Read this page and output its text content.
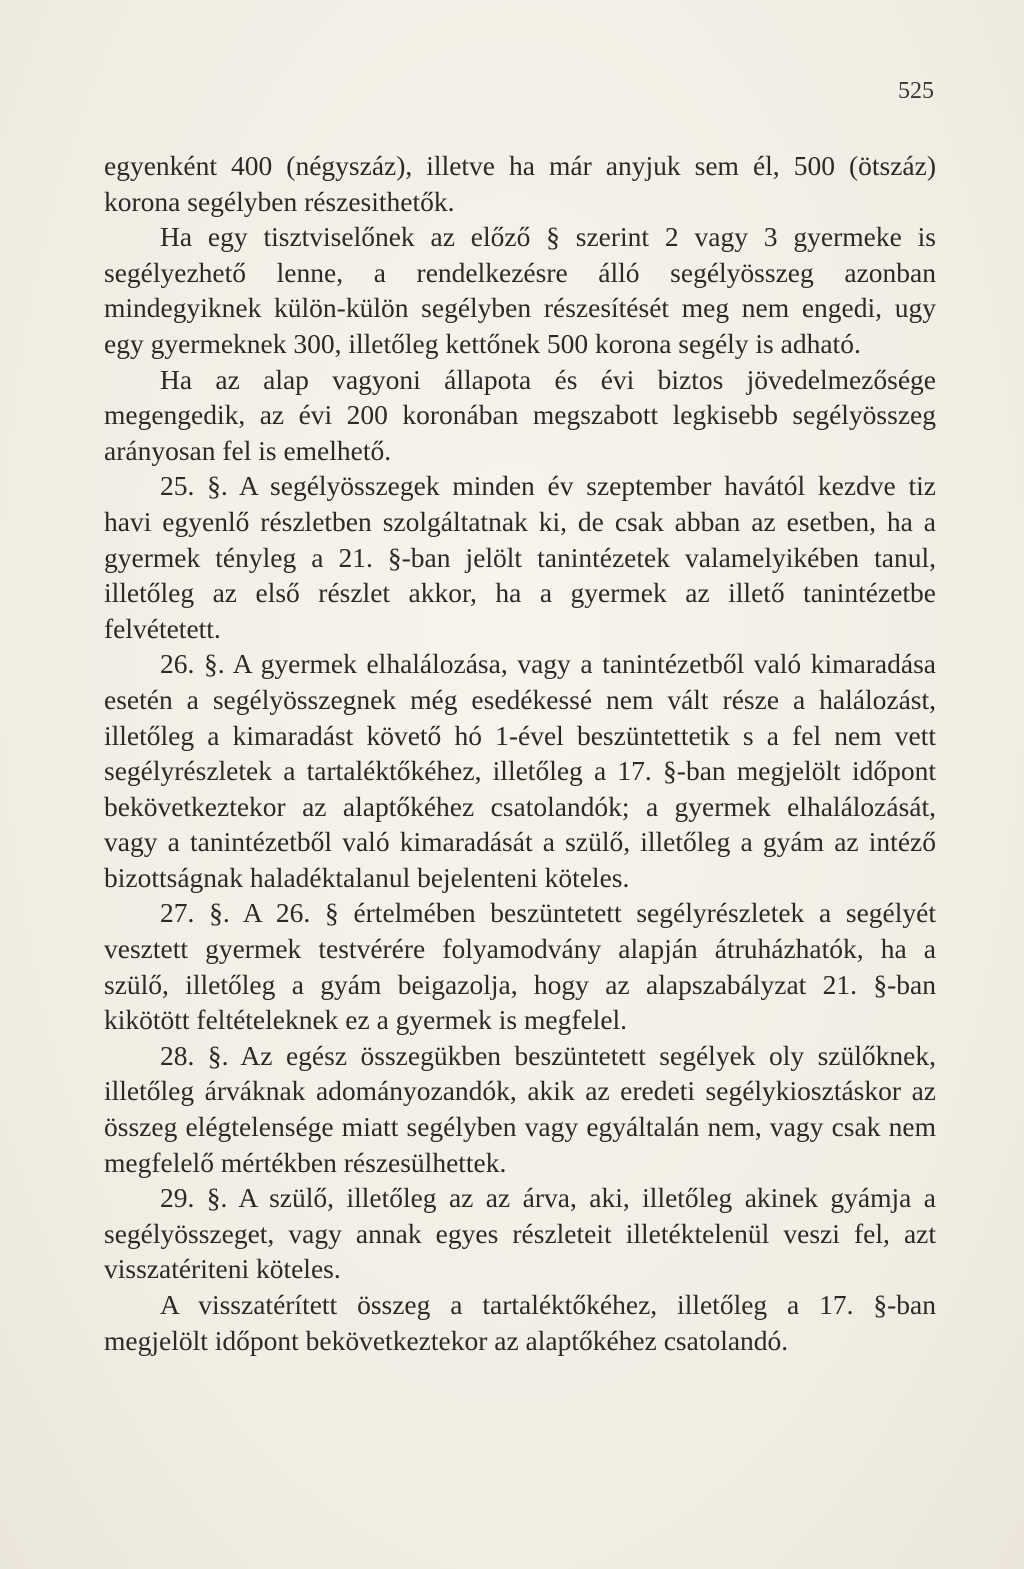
525

egyenként 400 (négyszáz), illetve ha már anyjuk sem él, 500 (ötszáz) korona segélyben részesithetők.

Ha egy tisztviselőnek az előző § szerint 2 vagy 3 gyermeke is segélyezhető lenne, a rendelkezésre álló segélyösszeg azonban mindegyiknek külön-külön segélyben részesítését meg nem engedi, ugy egy gyermeknek 300, illetőleg kettőnek 500 korona segély is adható.

Ha az alap vagyoni állapota és évi biztos jövedelmezősége megengedik, az évi 200 koronában megszabott legkisebb segélyösszeg arányosan fel is emelhető.

25. §. A segélyösszegek minden év szeptember havától kezdve tiz havi egyenlő részletben szolgáltatnak ki, de csak abban az esetben, ha a gyermek tényleg a 21. §-ban jelölt tanintézetek valamelyikében tanul, illetőleg az első részlet akkor, ha a gyermek az illető tanintézetbe felvétetett.

26. §. A gyermek elhalálozása, vagy a tanintézetből való kimaradása esetén a segélyösszegnek még esedékessé nem vált része a halálozást, illetőleg a kimaradást követő hó 1-ével beszüntettetik s a fel nem vett segélyrészletek a tartaléktőkéhez, illetőleg a 17. §-ban megjelölt időpont bekövetkeztekor az alaptőkéhez csatolandók; a gyermek elhalálozását, vagy a tanintézetből való kimaradását a szülő, illetőleg a gyám az intéző bizottságnak haladéktalanul bejelenteni köteles.

27. §. A 26. § értelmében beszüntetett segélyrészletek a segélyét vesztett gyermek testvérére folyamodvány alapján átruházhatók, ha a szülő, illetőleg a gyám beigazolja, hogy az alapszabályzat 21. §-ban kikötött feltételeknek ez a gyermek is megfelel.

28. §. Az egész összegükben beszüntetett segélyek oly szülőknek, illetőleg árváknak adományozandók, akik az eredeti segélykiosztáskor az összeg elégtelensége miatt segélyben vagy egyáltalán nem, vagy csak nem megfelelő mértékben részesülhettek.

29. §. A szülő, illetőleg az az árva, aki, illetőleg akinek gyámja a segélyösszeget, vagy annak egyes részleteit illetéktelenül veszi fel, azt visszatériteni köteles.

A visszatérített összeg a tartaléktőkéhez, illetőleg a 17. §-ban megjelölt időpont bekövetkeztekor az alaptőkéhez csatolandó.
